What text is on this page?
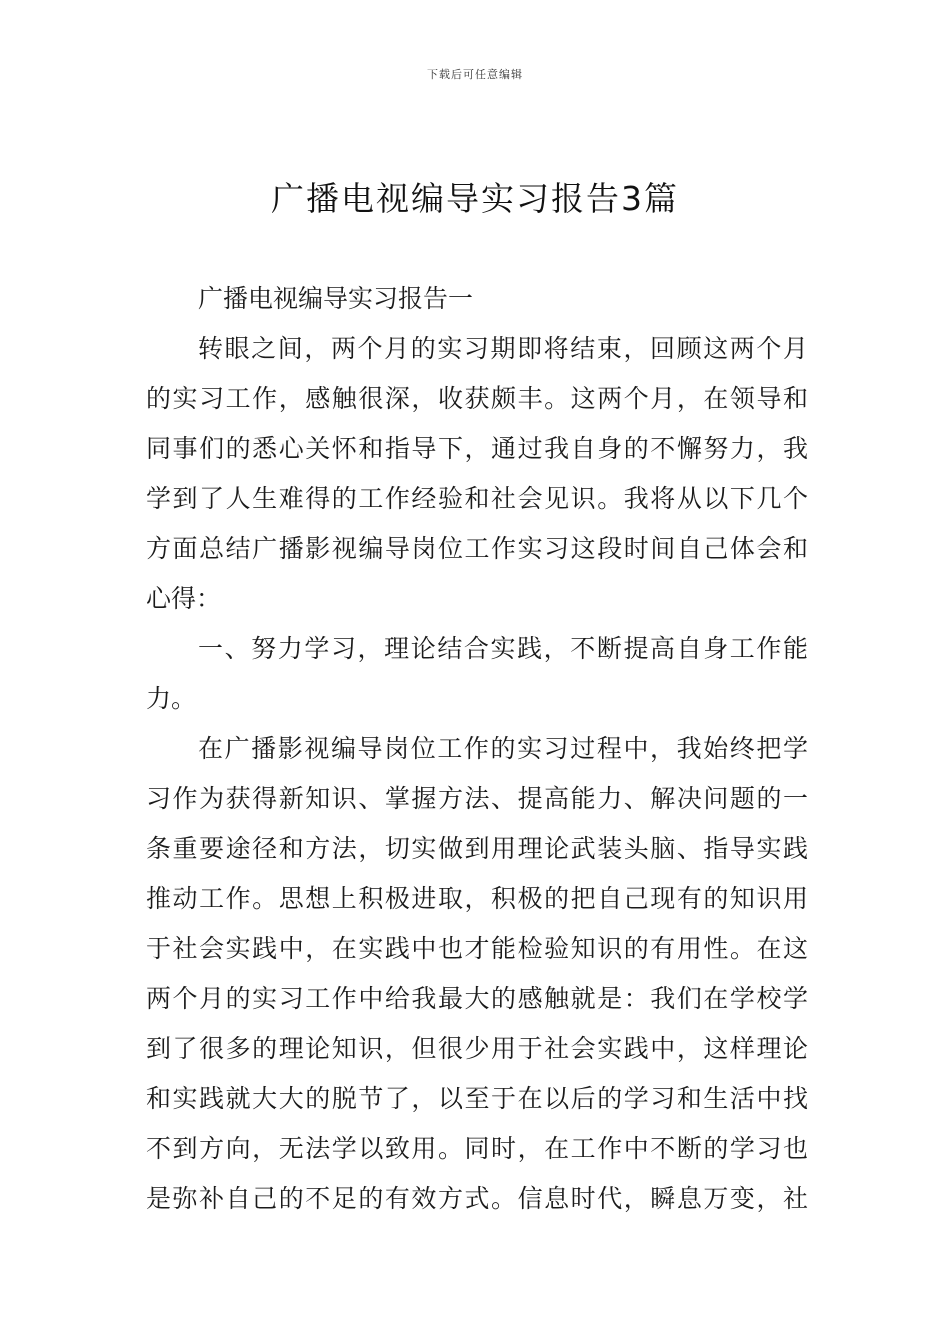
下载后可任意编辑
广播电视编导实习报告3篇
广播电视编导实习报告一
转眼之间，两个月的实习期即将结束，回顾这两个月
的实习工作，感触很深，收获颇丰。这两个月，在领导和
同事们的悉心关怀和指导下，通过我自身的不懈努力，我
学到了人生难得的工作经验和社会见识。我将从以下几个
方面总结广播影视编导岗位工作实习这段时间自己体会和
心得：
一、努力学习，理论结合实践，不断提高自身工作能
力。
在广播影视编导岗位工作的实习过程中，我始终把学
习作为获得新知识、掌握方法、提高能力、解决问题的一
条重要途径和方法，切实做到用理论武装头脑、指导实践
推动工作。思想上积极进取，积极的把自己现有的知识用
于社会实践中，在实践中也才能检验知识的有用性。在这
两个月的实习工作中给我最大的感触就是：我们在学校学
到了很多的理论知识，但很少用于社会实践中，这样理论
和实践就大大的脱节了，以至于在以后的学习和生活中找
不到方向，无法学以致用。同时，在工作中不断的学习也
是弥补自己的不足的有效方式。信息时代，瞬息万变，社
